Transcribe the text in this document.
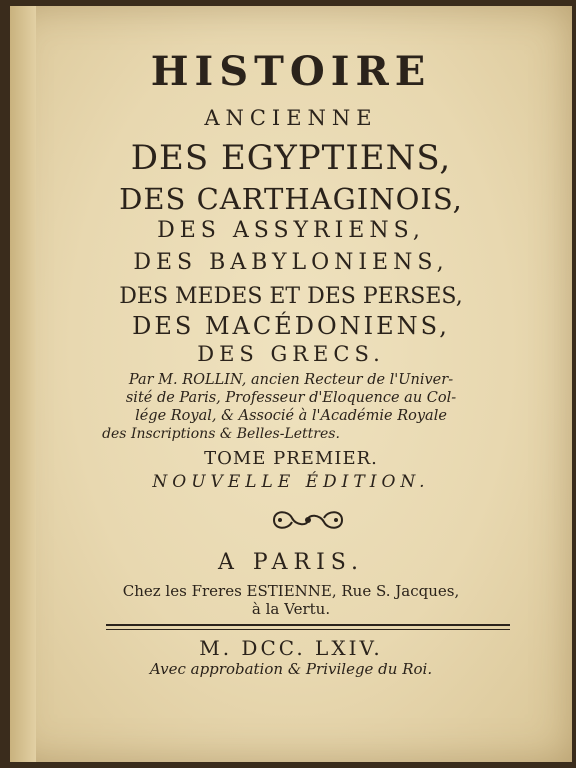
HISTOIRE
ANCIENNE
DES EGYPTIENS,
DES CARTHAGINOIS,
DES ASSYRIENS,
DES BABYLONIENS,
DES MEDES ET DES PERSES,
DES MACÉDONIENS,
DES GRECS.
Par M. ROLLIN, ancien Recteur de l'Univer-
sité de Paris, Professeur d'Eloquence au Col-
lége Royal, & Associé à l'Académie Royale
des Inscriptions & Belles-Lettres.
TOME PREMIER.
NOUVELLE ÉDITION.
A PARIS.
Chez les Freres ESTIENNE, Rue S. Jacques,
à la Vertu.
M. DCC. LXIV.
Avec approbation & Privilege du Roi.
